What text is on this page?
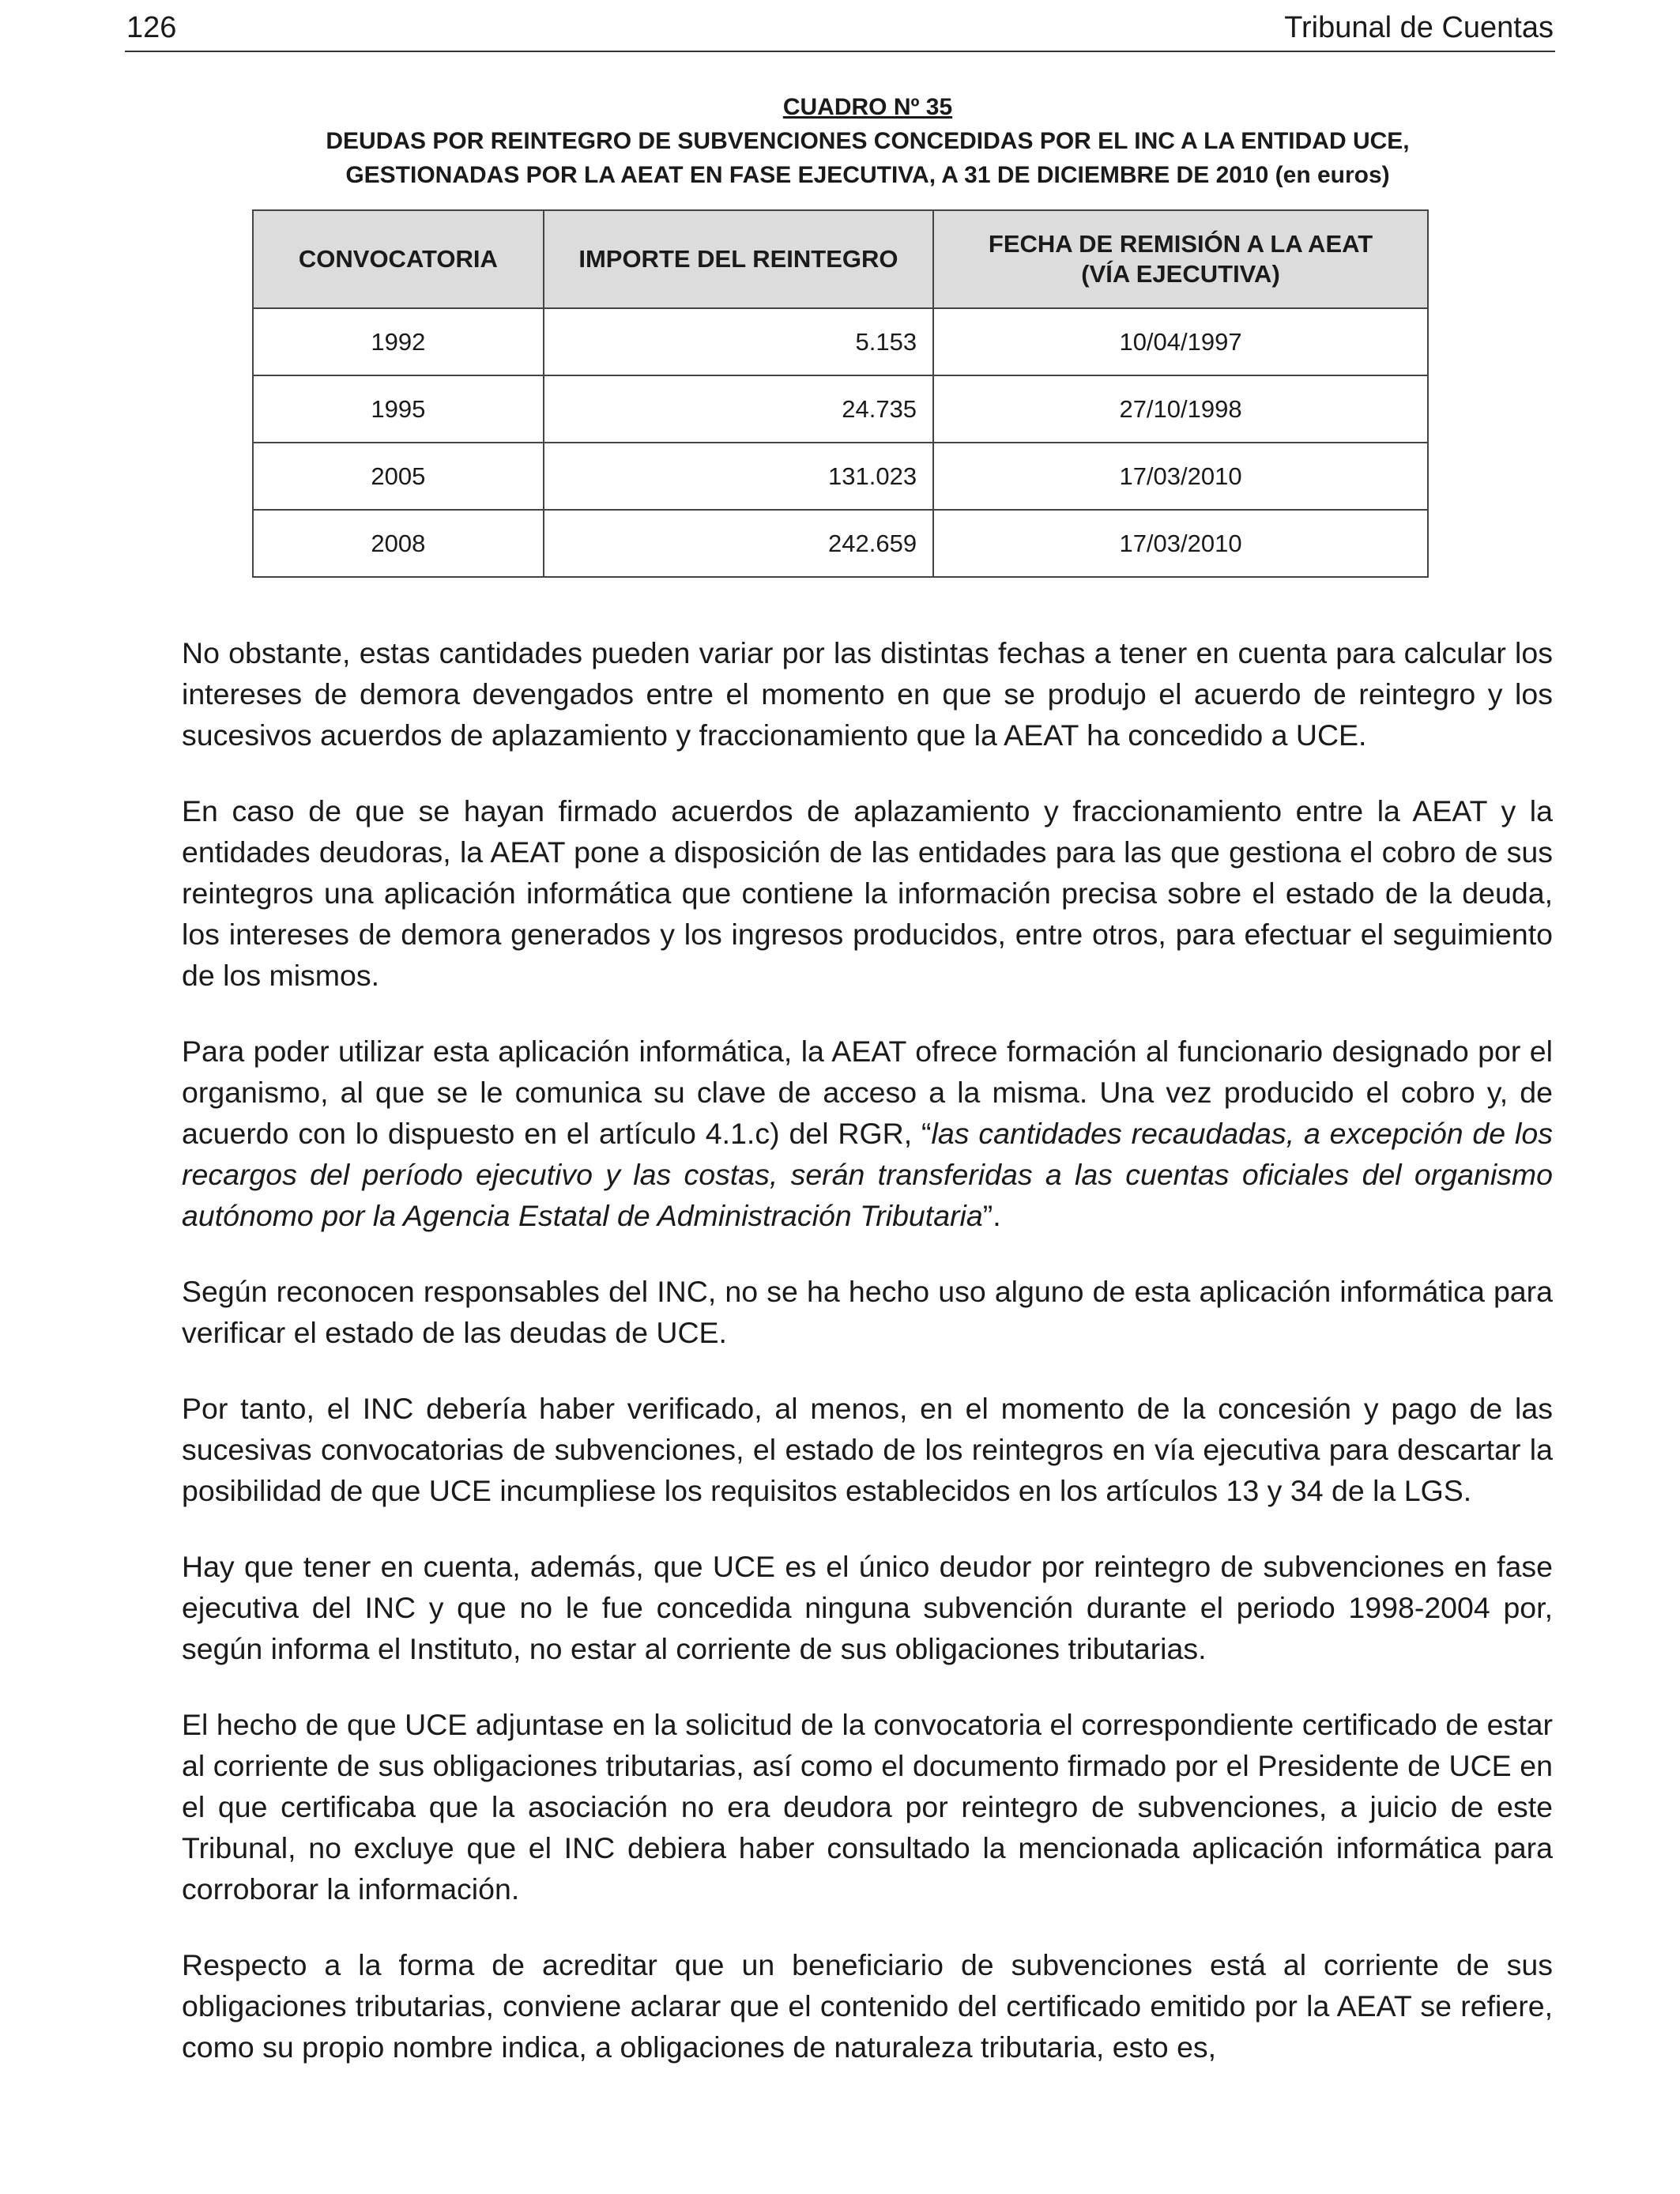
126	Tribunal de Cuentas
CUADRO Nº 35
DEUDAS POR REINTEGRO DE SUBVENCIONES CONCEDIDAS POR EL INC A LA ENTIDAD UCE,
GESTIONADAS POR LA AEAT EN FASE EJECUTIVA, A 31 DE DICIEMBRE DE 2010 (en euros)
CONVOCATORIA	IMPORTE DEL REINTEGRO	FECHA DE REMISIÓN A LA AEAT
(VÍA EJECUTIVA)
1992	5.153	10/04/1997
1995	24.735	27/10/1998
2005	131.023	17/03/2010
2008	242.659	17/03/2010

No obstante, estas cantidades pueden variar por las distintas fechas a tener en cuenta para calcular los intereses de demora devengados entre el momento en que se produjo el acuerdo de reintegro y los sucesivos acuerdos de aplazamiento y fraccionamiento que la AEAT ha concedido a UCE.

En caso de que se hayan firmado acuerdos de aplazamiento y fraccionamiento entre la AEAT y la entidades deudoras, la AEAT pone a disposición de las entidades para las que gestiona el cobro de sus reintegros una aplicación informática que contiene la información precisa sobre el estado de la deuda, los intereses de demora generados y los ingresos producidos, entre otros, para efectuar el seguimiento de los mismos.

Para poder utilizar esta aplicación informática, la AEAT ofrece formación al funcionario designado por el organismo, al que se le comunica su clave de acceso a la misma. Una vez producido el cobro y, de acuerdo con lo dispuesto en el artículo 4.1.c) del RGR, “las cantidades recaudadas, a excepción de los recargos del período ejecutivo y las costas, serán transferidas a las cuentas oficiales del organismo autónomo por la Agencia Estatal de Administración Tributaria”.

Según reconocen responsables del INC, no se ha hecho uso alguno de esta aplicación informática para verificar el estado de las deudas de UCE.

Por tanto, el INC debería haber verificado, al menos, en el momento de la concesión y pago de las sucesivas convocatorias de subvenciones, el estado de los reintegros en vía ejecutiva para descartar la posibilidad de que UCE incumpliese los requisitos establecidos en los artículos 13 y 34 de la LGS.

Hay que tener en cuenta, además, que UCE es el único deudor por reintegro de subvenciones en fase ejecutiva del INC y que no le fue concedida ninguna subvención durante el periodo 1998-2004 por, según informa el Instituto, no estar al corriente de sus obligaciones tributarias.

El hecho de que UCE adjuntase en la solicitud de la convocatoria el correspondiente certificado de estar al corriente de sus obligaciones tributarias, así como el documento firmado por el Presidente de UCE en el que certificaba que la asociación no era deudora por reintegro de subvenciones, a juicio de este Tribunal, no excluye que el INC debiera haber consultado la mencionada aplicación informática para corroborar la información.

Respecto a la forma de acreditar que un beneficiario de subvenciones está al corriente de sus obligaciones tributarias, conviene aclarar que el contenido del certificado emitido por la AEAT se refiere, como su propio nombre indica, a obligaciones de naturaleza tributaria, esto es,
